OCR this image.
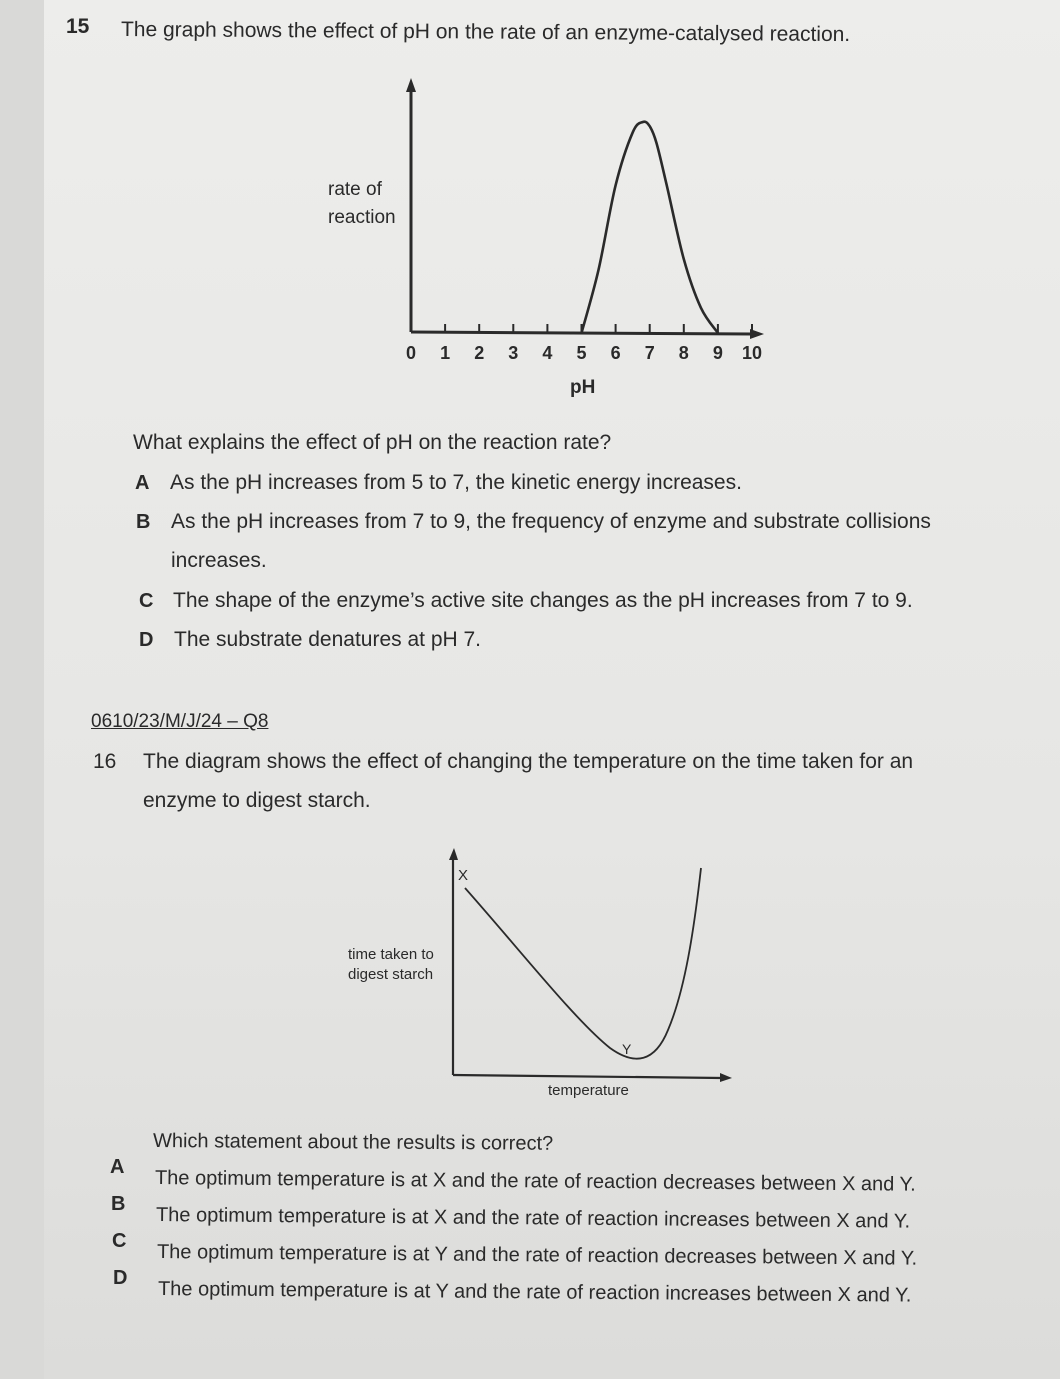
15 The graph shows the effect of pH on the rate of an enzyme-catalysed reaction.
0 1 2 3 4 5 6 7 8 9 10
rate of
reaction
pH
X
Y
time taken to
digest starch
temperature
What explains the effect of pH on the reaction rate?
A As the pH increases from 5 to 7, the kinetic energy increases.
B As the pH increases from 7 to 9, the frequency of enzyme and substrate collisions
increases.
C The shape of the enzyme’s active site changes as the pH increases from 7 to 9.
D The substrate denatures at pH 7.
0610/23/M/J/24 – Q8
16 The diagram shows the effect of changing the temperature on the time taken for an
enzyme to digest starch.
Which statement about the results is correct?
A
The optimum temperature is at X and the rate of reaction decreases between X and Y.
B
The optimum temperature is at X and the rate of reaction increases between X and Y.
C
The optimum temperature is at Y and the rate of reaction decreases between X and Y.
D
The optimum temperature is at Y and the rate of reaction increases between X and Y.
